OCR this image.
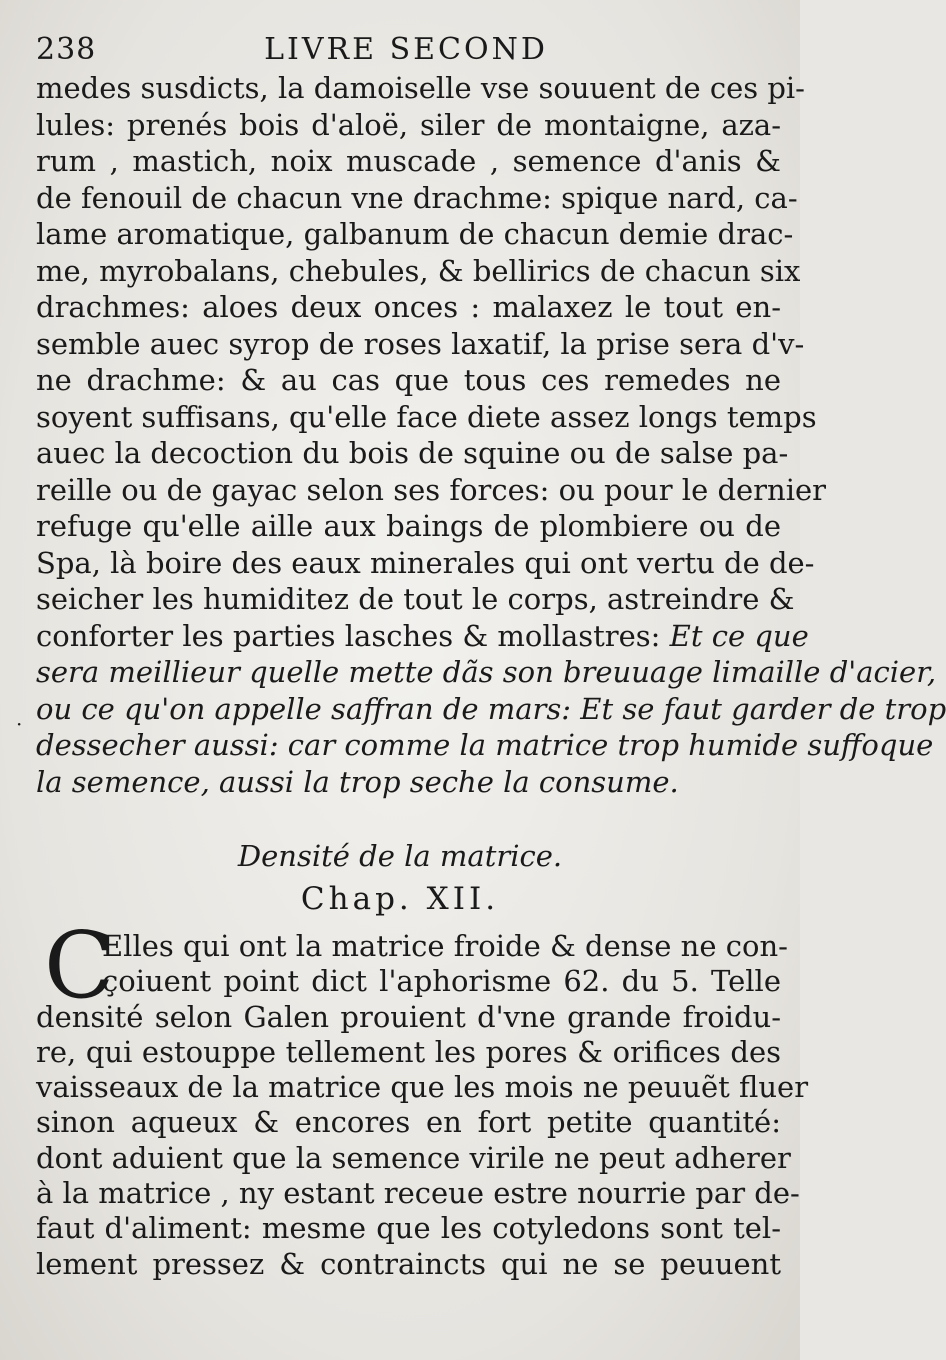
238	LIVRE SECOND
medes susdicts, la damoiselle vse souuent de ces pi-
lules: prenés bois d'aloë, siler de montaigne, aza-
rum , mastich, noix muscade , semence d'anis &
de fenouil de chacun vne drachme: spique nard, ca-
lame aromatique, galbanum de chacun demie drac-
me, myrobalans, chebules, & bellirics de chacun six
drachmes: aloes deux onces : malaxez le tout en-
semble auec syrop de roses laxatif, la prise sera d'v-
ne drachme: & au cas que tous ces remedes ne
soyent suffisans, qu'elle face diete assez longs temps
auec la decoction du bois de squine ou de salse pa-
reille ou de gayac selon ses forces: ou pour le dernier
refuge qu'elle aille aux baings de plombiere ou de
Spa, là boire des eaux minerales qui ont vertu de de-
seicher les humiditez de tout le corps, astreindre &
conforter les parties lasches & mollastres: Et ce que
sera meillieur quelle mette dãs son breuuage limaille d'acier,
ou ce qu'on appelle saffran de mars: Et se faut garder de trop
dessecher aussi: car comme la matrice trop humide suffoque
la semence, aussi la trop seche la consume.
·
Densité de la matrice.
Chap. XII.
C
Elles qui ont la matrice froide & dense ne con-
çoiuent point dict l'aphorisme 62. du 5. Telle
densité selon Galen prouient d'vne grande froidu-
re, qui estouppe tellement les pores & orifices des
vaisseaux de la matrice que les mois ne peuuẽt fluer
sinon aqueux & encores en fort petite quantité:
dont aduient que la semence virile ne peut adherer
à la matrice , ny estant receue estre nourrie par de-
faut d'aliment: mesme que les cotyledons sont tel-
lement pressez & contraincts qui ne se peuuent
